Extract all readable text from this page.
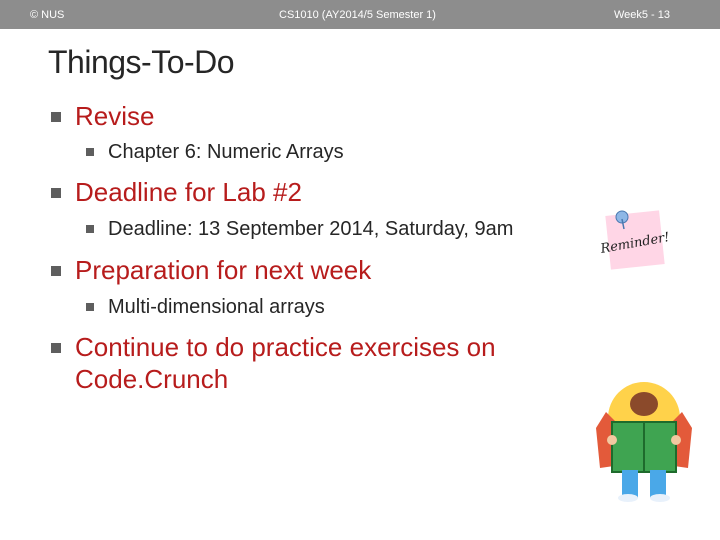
© NUS	CS1010 (AY2014/5 Semester 1)	Week5 - 13
Things-To-Do
Revise
Chapter 6: Numeric Arrays
Deadline for Lab #2
Deadline: 13 September 2014, Saturday, 9am
Preparation for next week
Multi-dimensional arrays
Continue to do practice exercises on
Code.Crunch
Reminder!
